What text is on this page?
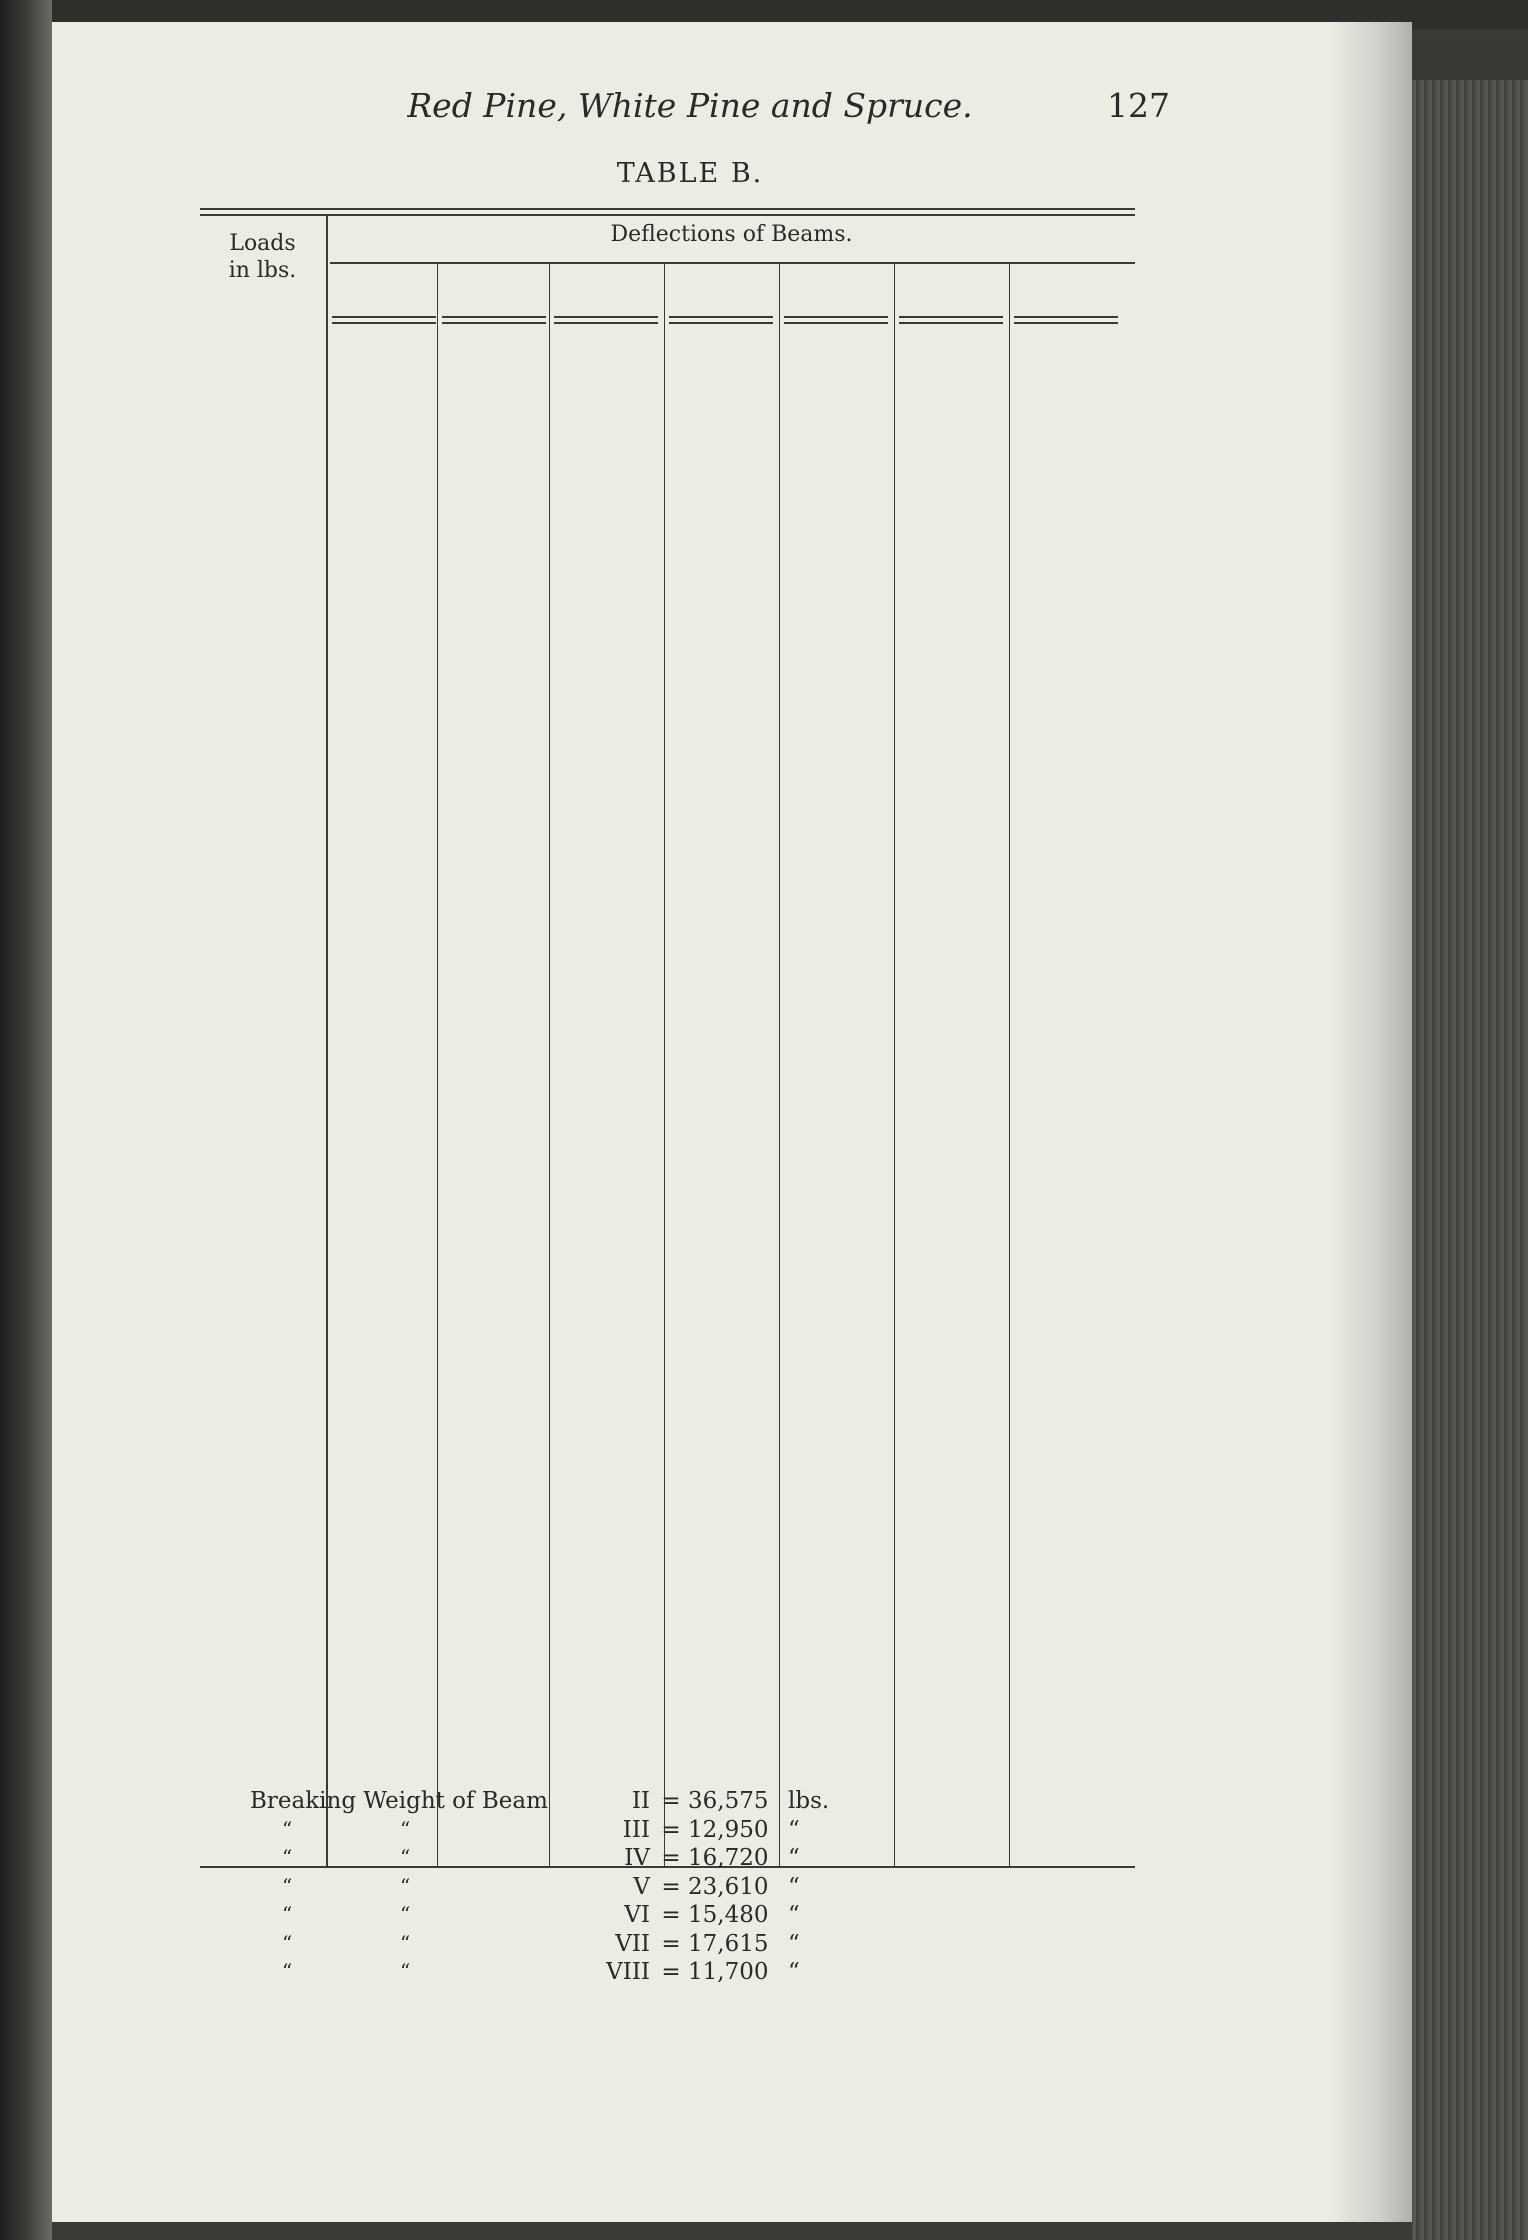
Red Pine, White Pine and Spruce.	127
TABLE B.
Loads
in lbs.
Deflections of Beams.
Breaking Weight of Beam	II = 36,575 lbs.
“	“	III = 12,950 “
“	“	IV = 16,720 “
“	“	V = 23,610 “
“	“	VI = 15,480 “
“	“	VII = 17,615 “
“	“	VIII = 11,700 “
